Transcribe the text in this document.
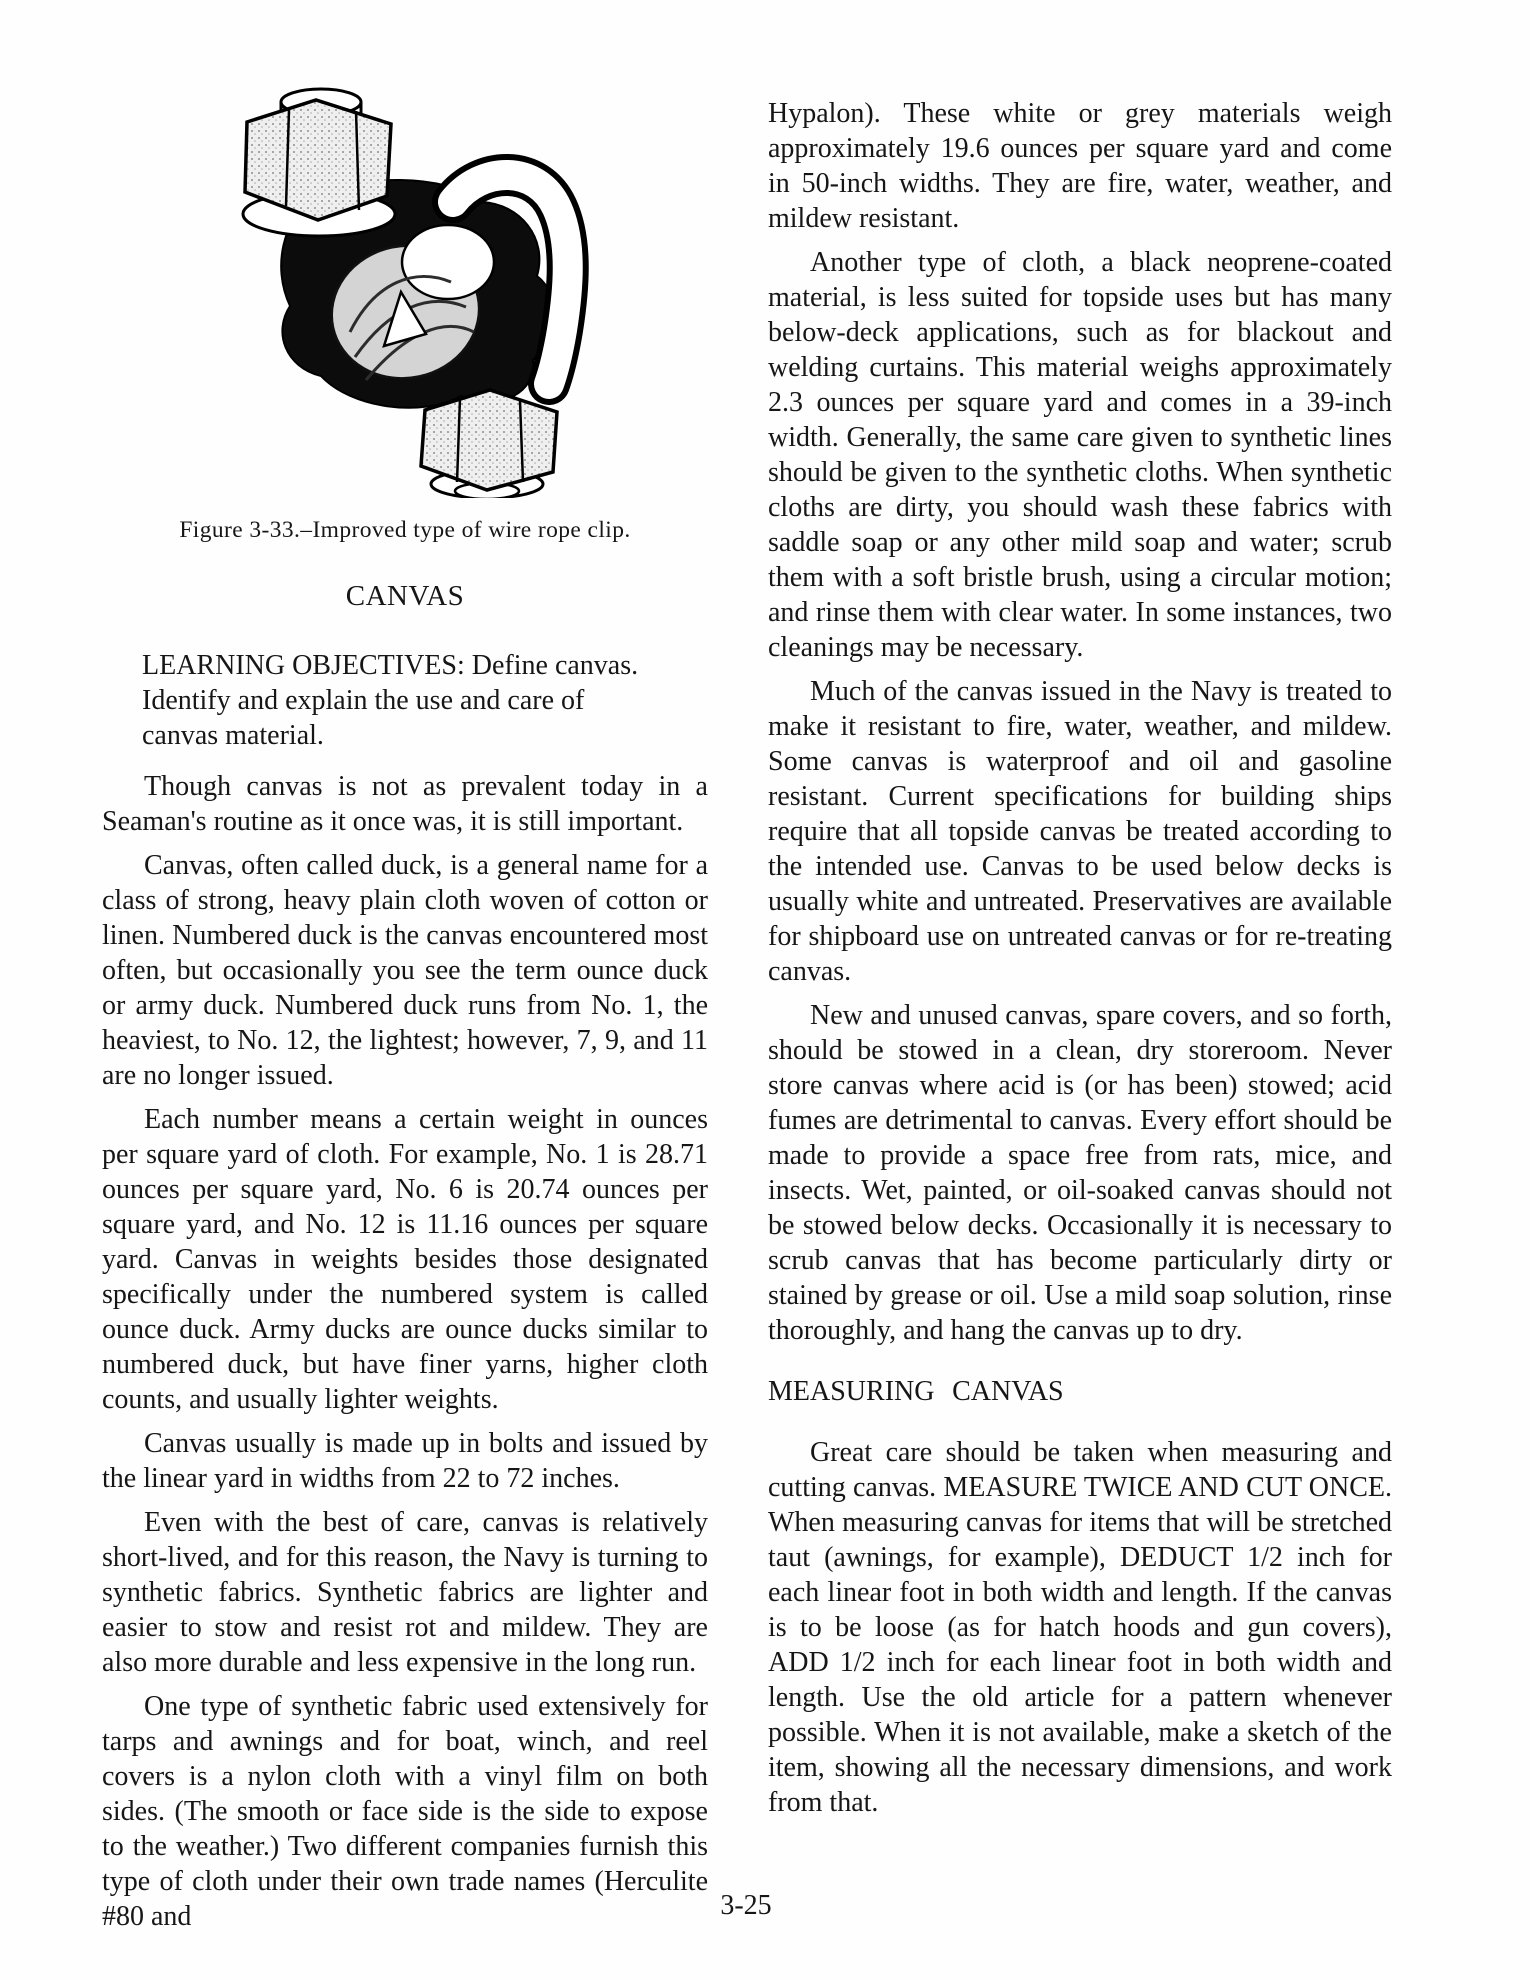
Figure 3-33.–Improved type of wire rope clip.
CANVAS
LEARNING OBJECTIVES: Define canvas. Identify and explain the use and care of canvas material.

Though canvas is not as prevalent today in a Seaman's routine as it once was, it is still important.

Canvas, often called duck, is a general name for a class of strong, heavy plain cloth woven of cotton or linen. Numbered duck is the canvas encountered most often, but occasionally you see the term ounce duck or army duck. Numbered duck runs from No. 1, the heaviest, to No. 12, the lightest; however, 7, 9, and 11 are no longer issued.

Each number means a certain weight in ounces per square yard of cloth. For example, No. 1 is 28.71 ounces per square yard, No. 6 is 20.74 ounces per square yard, and No. 12 is 11.16 ounces per square yard. Canvas in weights besides those designated specifically under the numbered system is called ounce duck. Army ducks are ounce ducks similar to numbered duck, but have finer yarns, higher cloth counts, and usually lighter weights.

Canvas usually is made up in bolts and issued by the linear yard in widths from 22 to 72 inches.

Even with the best of care, canvas is relatively short-lived, and for this reason, the Navy is turning to synthetic fabrics. Synthetic fabrics are lighter and easier to stow and resist rot and mildew. They are also more durable and less expensive in the long run.

One type of synthetic fabric used extensively for tarps and awnings and for boat, winch, and reel covers is a nylon cloth with a vinyl film on both sides. (The smooth or face side is the side to expose to the weather.) Two different companies furnish this type of cloth under their own trade names (Herculite #80 and

Hypalon). These white or grey materials weigh approximately 19.6 ounces per square yard and come in 50-inch widths. They are fire, water, weather, and mildew resistant.

Another type of cloth, a black neoprene-coated material, is less suited for topside uses but has many below-deck applications, such as for blackout and welding curtains. This material weighs approximately 2.3 ounces per square yard and comes in a 39-inch width. Generally, the same care given to synthetic lines should be given to the synthetic cloths. When synthetic cloths are dirty, you should wash these fabrics with saddle soap or any other mild soap and water; scrub them with a soft bristle brush, using a circular motion; and rinse them with clear water. In some instances, two cleanings may be necessary.

Much of the canvas issued in the Navy is treated to make it resistant to fire, water, weather, and mildew. Some canvas is waterproof and oil and gasoline resistant. Current specifications for building ships require that all topside canvas be treated according to the intended use. Canvas to be used below decks is usually white and untreated. Preservatives are available for shipboard use on untreated canvas or for re-treating canvas.

New and unused canvas, spare covers, and so forth, should be stowed in a clean, dry storeroom. Never store canvas where acid is (or has been) stowed; acid fumes are detrimental to canvas. Every effort should be made to provide a space free from rats, mice, and insects. Wet, painted, or oil-soaked canvas should not be stowed below decks. Occasionally it is necessary to scrub canvas that has become particularly dirty or stained by grease or oil. Use a mild soap solution, rinse thoroughly, and hang the canvas up to dry.

MEASURING CANVAS

Great care should be taken when measuring and cutting canvas. MEASURE TWICE AND CUT ONCE. When measuring canvas for items that will be stretched taut (awnings, for example), DEDUCT 1/2 inch for each linear foot in both width and length. If the canvas is to be loose (as for hatch hoods and gun covers), ADD 1/2 inch for each linear foot in both width and length. Use the old article for a pattern whenever possible. When it is not available, make a sketch of the item, showing all the necessary dimensions, and work from that.

3-25
